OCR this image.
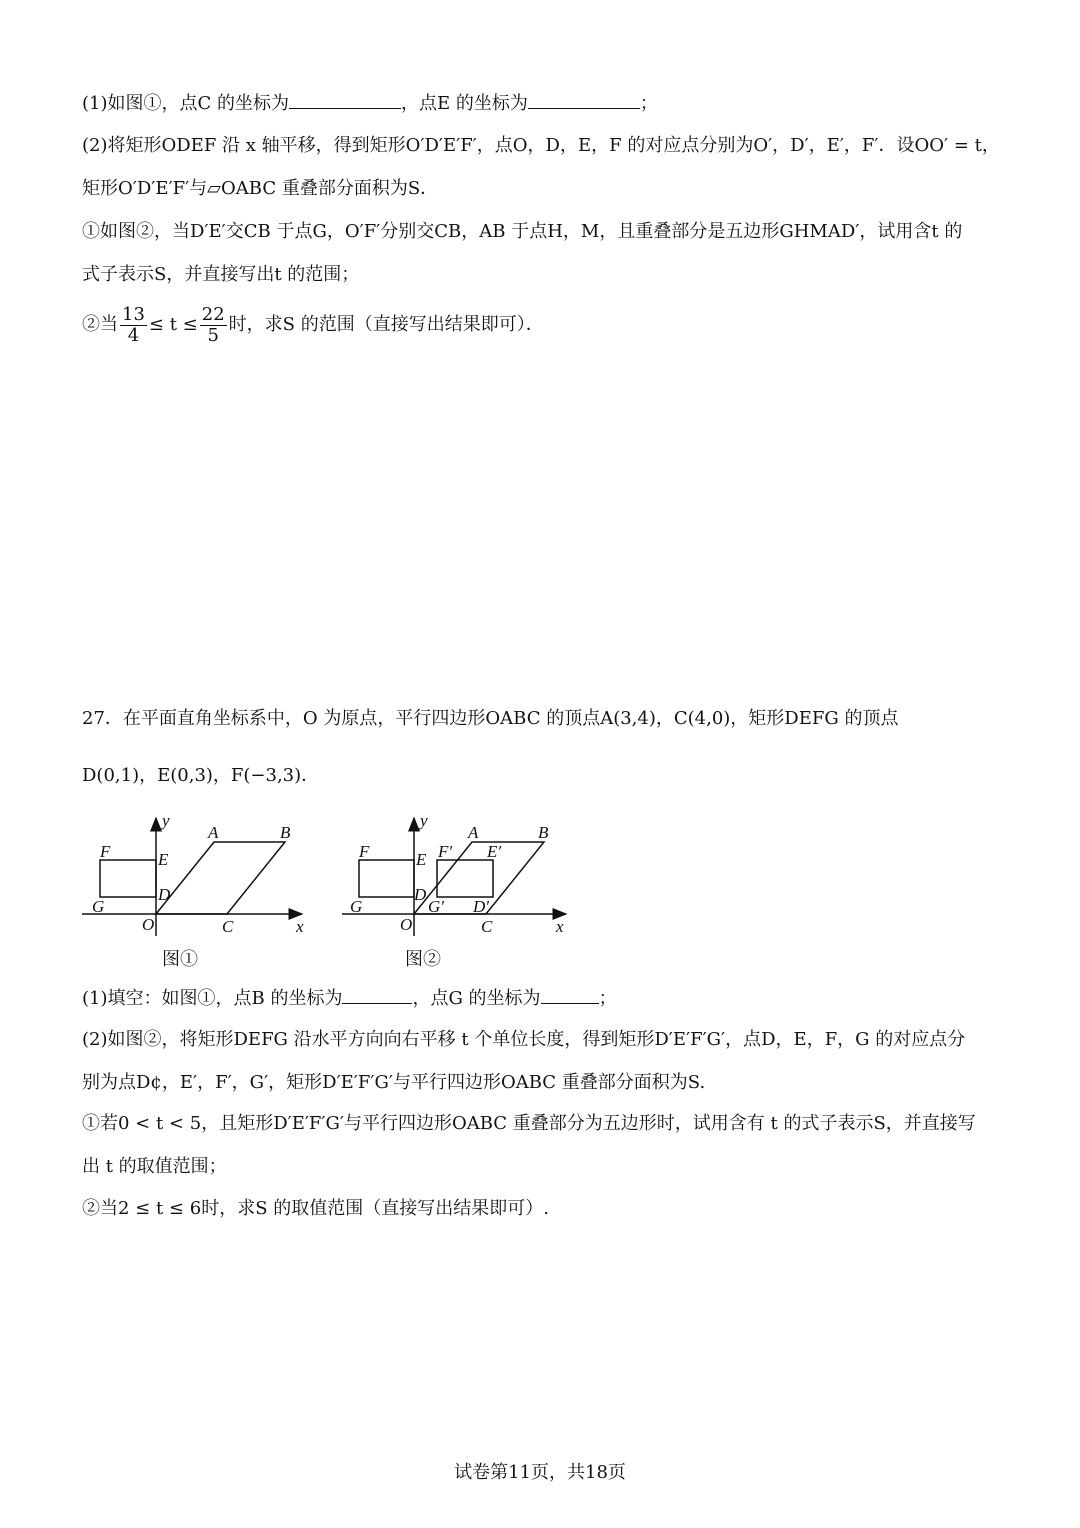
(1)如图①，点C 的坐标为	，点E 的坐标为	；
(2)将矩形ODEF 沿 x 轴平移，得到矩形O′D′E′F′，点O，D，E，F 的对应点分别为O′，D′，E′，F′．设OO′ = t，
矩形O′D′E′F′与▱OABC 重叠部分面积为S．
①如图②，当D′E′交CB 于点G，O′F′分别交CB，AB 于点H，M，且重叠部分是五边形GHMAD′，试用含t 的
式子表示S，并直接写出t 的范围；
②当 $\frac{13}{4} \le t \le \frac{22}{5}$ 时，求S 的范围（直接写出结果即可）．
27．在平面直角坐标系中，O 为原点，平行四边形OABC 的顶点A(3,4)，C(4,0)，矩形DEFG 的顶点
D(0,1)，E(0,3)，F(−3,3)．
y
x
O
A	B
C
D
E
F
G
图①
y
x
O
A	B
C
D
E
F
G
F′ E′
G′ D′
图②
(1)填空：如图①，点B 的坐标为	，点G 的坐标为	；
(2)如图②，将矩形DEFG 沿水平方向向右平移 t 个单位长度，得到矩形D′E′F′G′，点D，E，F，G 的对应点分
别为点D¢，E′，F′，G′，矩形D′E′F′G′与平行四边形OABC 重叠部分面积为S.
①若0 < t < 5，且矩形D′E′F′G′与平行四边形OABC 重叠部分为五边形时，试用含有 t 的式子表示S，并直接写
出 t 的取值范围；
②当2 ≤ t ≤ 6时，求S 的取值范围（直接写出结果即可）.
试卷第11页，共18页
